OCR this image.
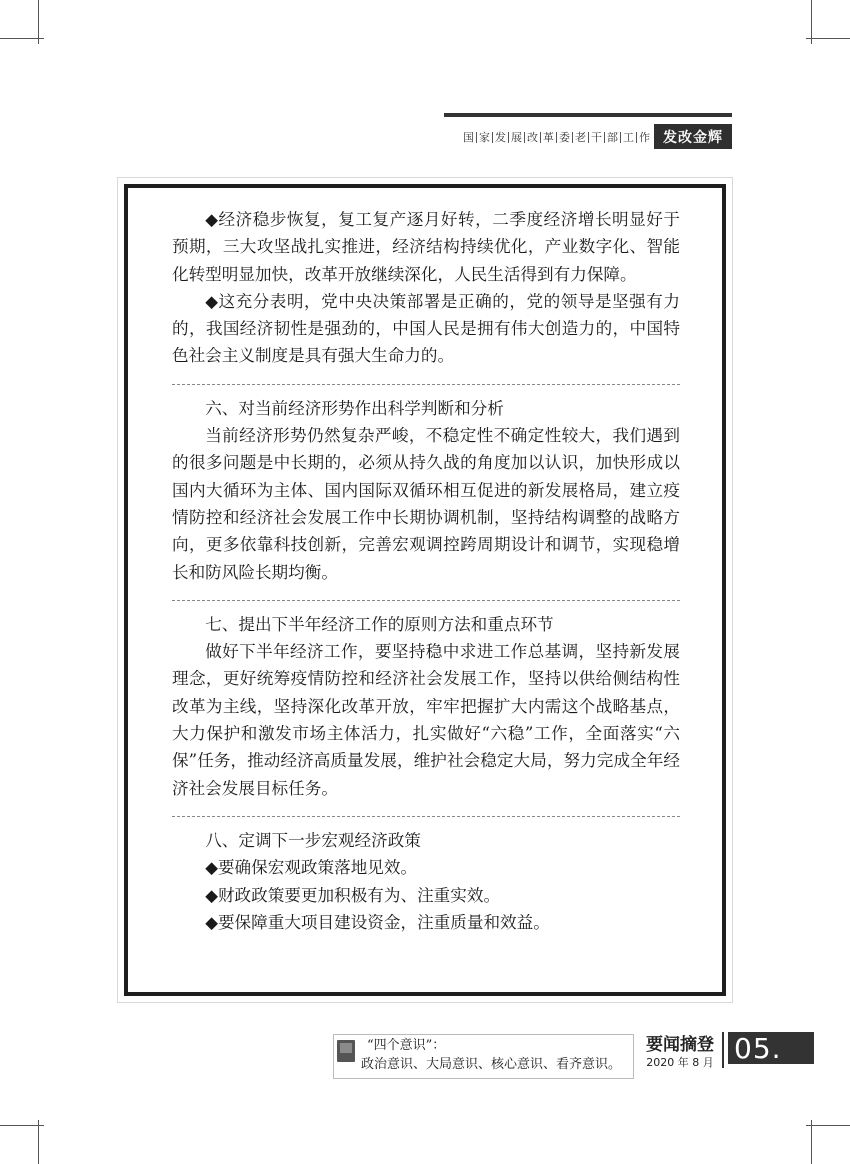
国 家 发 展 改 革 委 老 干 部 工 作 发改金辉

◆经济稳步恢复，复工复产逐月好转，二季度经济增长明显好于预期，三大攻坚战扎实推进，经济结构持续优化，产业数字化、智能化转型明显加快，改革开放继续深化，人民生活得到有力保障。

◆这充分表明，党中央决策部署是正确的，党的领导是坚强有力的，我国经济韧性是强劲的，中国人民是拥有伟大创造力的，中国特色社会主义制度是具有强大生命力的。

六、对当前经济形势作出科学判断和分析

当前经济形势仍然复杂严峻，不稳定性不确定性较大，我们遇到的很多问题是中长期的，必须从持久战的角度加以认识，加快形成以国内大循环为主体、国内国际双循环相互促进的新发展格局，建立疫情防控和经济社会发展工作中长期协调机制，坚持结构调整的战略方向，更多依靠科技创新，完善宏观调控跨周期设计和调节，实现稳增长和防风险长期均衡。

七、提出下半年经济工作的原则方法和重点环节

做好下半年经济工作，要坚持稳中求进工作总基调，坚持新发展理念，更好统筹疫情防控和经济社会发展工作，坚持以供给侧结构性改革为主线，坚持深化改革开放，牢牢把握扩大内需这个战略基点，大力保护和激发市场主体活力，扎实做好“六稳”工作，全面落实“六保”任务，推动经济高质量发展，维护社会稳定大局，努力完成全年经济社会发展目标任务。

八、定调下一步宏观经济政策

◆要确保宏观政策落地见效。

◆财政政策要更加积极有为、注重实效。

◆要保障重大项目建设资金，注重质量和效益。

“四个意识”：
政治意识、大局意识、核心意识、看齐意识。
要闻摘登
2020 年 8 月 05.
